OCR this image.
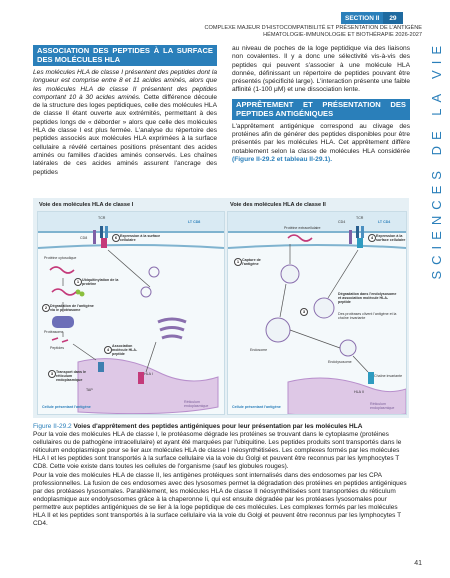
SECTION II	29
COMPLEXE MAJEUR D'HISTOCOMPATIBILITÉ ET PRÉSENTATION DE L'ANTIGÈNE
HÉMATOLOGIE-IMMUNOLOGIE ET BIOTHÉRAPIE 2026-2027
SCIENCES DE LA VIE
ASSOCIATION DES PEPTIDES À LA SURFACE DES MOLÉCULES HLA
Les molécules HLA de classe I présentent des peptides dont la longueur est comprise entre 8 et 11 acides aminés, alors que les molécules HLA de classe II présentent des peptides comportant 10 à 30 acides aminés. Cette différence découle de la structure des loges peptidiques, celle des molécules HLA de classe II étant ouverte aux extrémités, permettant à des peptides longs de « déborder » alors que celle des molécules HLA de classe I est plus fermée. L'analyse du répertoire des peptides associés aux molécules HLA exprimées à la surface cellulaire a révélé certaines positions présentant des acides aminés ou familles d'acides aminés conservés. Les chaînes latérales de ces acides aminés assurent l'ancrage des peptides
au niveau de poches de la loge peptidique via des liaisons non covalentes. Il y a donc une sélectivité vis-à-vis des peptides qui peuvent s'associer à une molécule HLA donnée, définissant un répertoire de peptides pouvant être présentés (spécificité large). L'interaction présente une faible affinité (1-100 μM) et une dissociation lente.
APPRÊTEMENT ET PRÉSENTATION DES PEPTIDES ANTIGÉNIQUES
L'apprêtement antigénique correspond au clivage des protéines afin de générer des peptides disponibles pour être présentés par les molécules HLA. Cet apprêtement diffère notablement selon la classe de molécules HLA considérée (Figure II-29.2 et tableau II-29.1).
Voie des molécules HLA de classe I	Voie des molécules HLA de classe II
LT CD8
TCR
CD8	6 Expression à la surface cellulaire
Protéine cytosolique
1 Ubiquitinylation de la protéine
2 Dégradation de l'antigène via le protéasome
Protéasome
Peptides	4
Association molécule HLA-peptide
3 Transport dans le réticulum endoplasmique
TAP
HLA I
Réticulum endoplasmique
Cellule présentant l'antigène
LT CD4
TCR
CD4
4 Expression à la surface cellulaire
Protéine extracellulaire
1 Capture de l'antigène
3
Dégradation dans l'endolysosome et association molécule HLA-peptide
Des protéases clivent l'antigène et la chaîne invariante
Endosome
Endolysosome
Chaîne invariante
HLA II
Réticulum endoplasmique
Cellule présentant l'antigène
Figure II-29.2 Voies d'apprêtement des peptides antigéniques pour leur présentation par les molécules HLA
Pour la voie des molécules HLA de classe I, le protéasome dégrade les protéines se trouvant dans le cytoplasme (protéines cellulaires ou de pathogène intracellulaire) et ayant été marquées par l'ubiquitine. Les peptides produits sont transportés dans le réticulum endoplasmique pour se lier aux molécules HLA de classe I néosynthétisées. Les complexes formés par les molécules HLA I et les peptides sont transportés à la surface cellulaire via la voie du Golgi et peuvent être reconnus par les lymphocytes T CD8. Cette voie existe dans toutes les cellules de l'organisme (sauf les globules rouges).
Pour la voie des molécules HLA de classe II, les antigènes protéiques sont internalisés dans des endosomes par les CPA professionnelles. La fusion de ces endosomes avec des lysosomes permet la dégradation des protéines en peptides antigéniques par des protéases lysosomales. Parallèlement, les molécules HLA de classe II néosynthétisées sont transportées du réticulum endoplasmique aux endolysosomes grâce à la chaperonne Ii, qui est ensuite dégradée par les protéases lysosomales pour permettre aux peptides antigéniques de se lier à la loge peptidique de ces molécules. Les complexes formés par les molécules HLA II et les peptides sont transportés à la surface cellulaire via la voie du Golgi et peuvent être reconnus par les lymphocytes T CD4.
41
